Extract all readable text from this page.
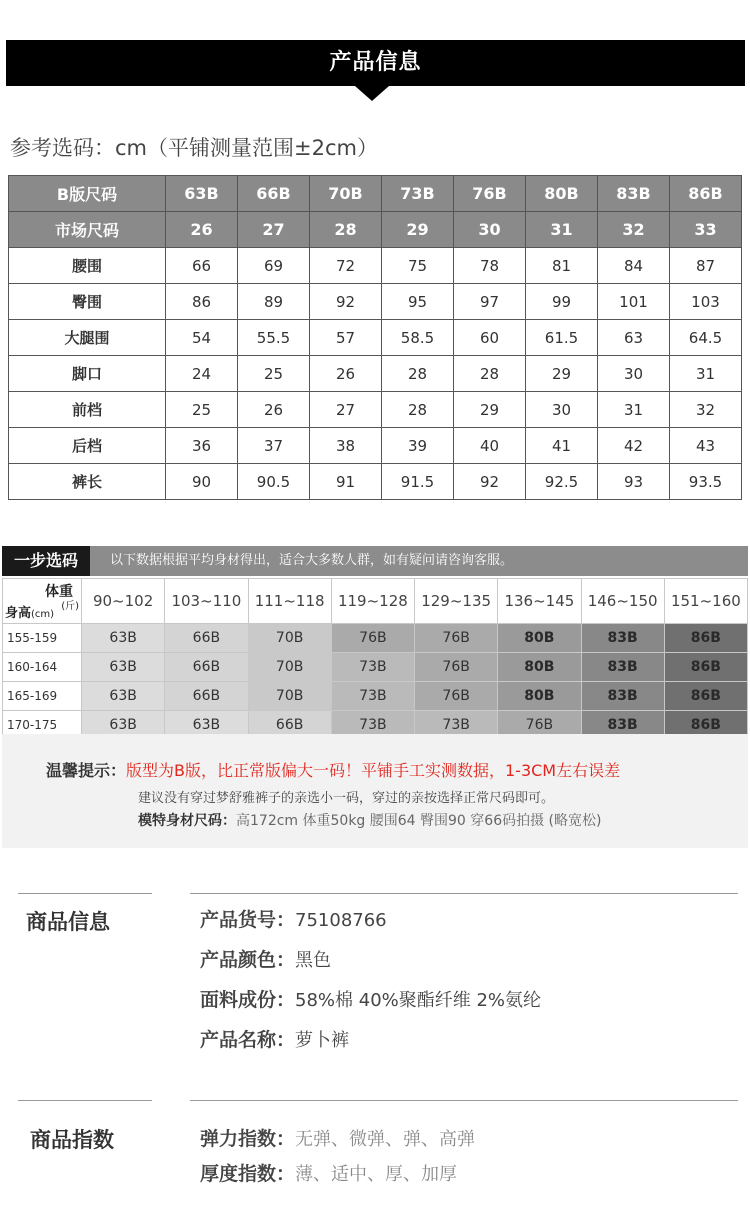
产品信息
参考选码：cm（平铺测量范围±2cm）
B版尺码	63B	66B	70B	73B	76B	80B	83B	86B
市场尺码	26	27	28	29	30	31	32	33
腰围	66	69	72	75	78	81	84	87
臀围	86	89	92	95	97	99	101	103
大腿围	54	55.5	57	58.5	60	61.5	63	64.5
脚口	24	25	26	28	28	29	30	31
前档	25	26	27	28	29	30	31	32
后档	36	37	38	39	40	41	42	43
裤长	90	90.5	91	91.5	92	92.5	93	93.5
一步选码	以下数据根据平均身材得出，适合大多数人群，如有疑问请咨询客服。
体重
(斤)
身高(cm)	90~102	103~110	111~118	119~128	129~135	136~145	146~150	151~160
155-159	63B	66B	70B	76B	76B	80B	83B	86B
160-164	63B	66B	70B	73B	76B	80B	83B	86B
165-169	63B	66B	70B	73B	76B	80B	83B	86B
170-175	63B	63B	66B	73B	73B	76B	83B	86B
温馨提示：版型为B版，比正常版偏大一码！平铺手工实测数据，1-3CM左右误差
建议没有穿过梦舒雅裤子的亲选小一码，穿过的亲按选择正常尺码即可。
模特身材尺码：高172cm 体重50kg 腰围64 臀围90 穿66码拍摄 (略宽松)
商品信息	产品货号：75108766
产品颜色：黑色
面料成份：58%棉 40%聚酯纤维 2%氨纶
产品名称：萝卜裤
商品指数	弹力指数：无弹、微弹、弹、高弹
厚度指数：薄、适中、厚、加厚
